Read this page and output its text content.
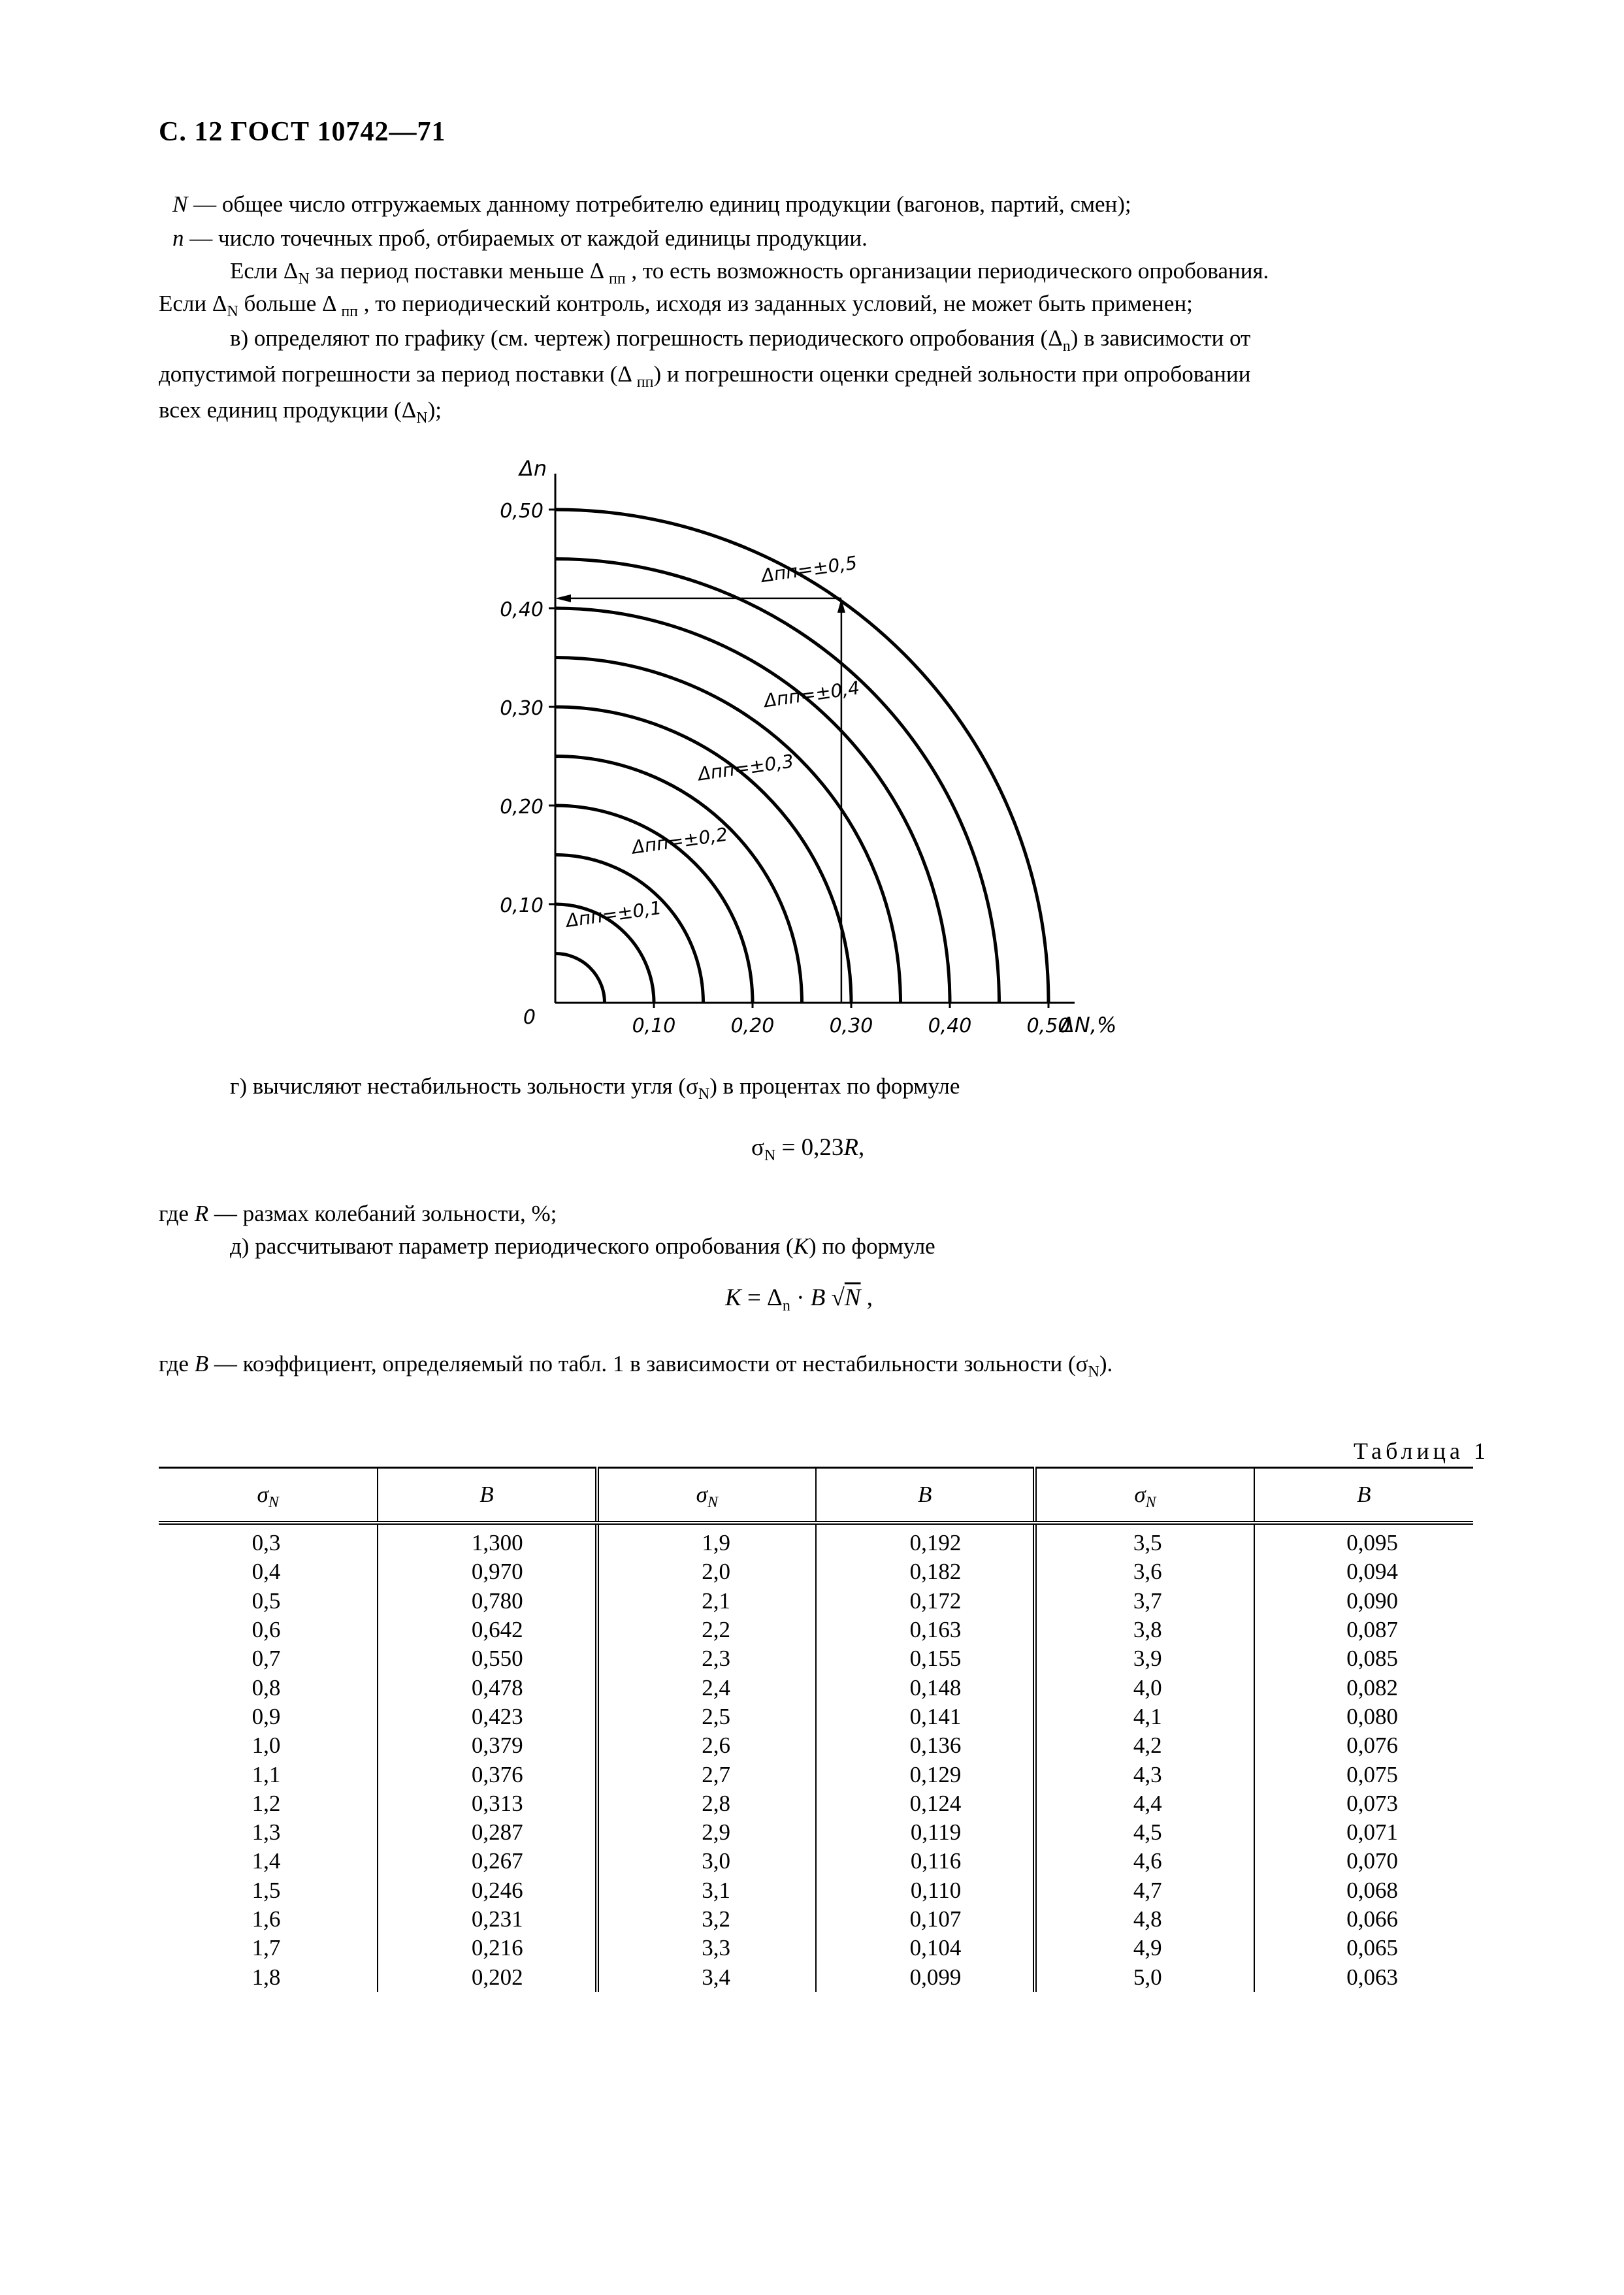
С. 12 ГОСТ 10742—71
N — общее число отгружаемых данному потребителю единиц продукции (вагонов, партий, смен);
n — число точечных проб, отбираемых от каждой единицы продукции.
Если $\Delta_N$ за период поставки меньше Δ $_{пп}$ , то есть возможность организации периодического опробования.
Если $\Delta_N$ больше Δ $_{пп}$ , то периодический контроль, исходя из заданных условий, не может быть применен;
в) определяют по графику (см. чертеж) погрешность периодического опробования $(\Delta_n)$ в зависимости от
допустимой погрешности за период поставки (Δ $_{пп}$) и погрешности оценки средней зольности при опробовании
всех единиц продукции $(\Delta_N)$;
0
0,10
0,20
0,30
0,40
0,50
0,10	0,20	0,30	0,40	0,50
Δпп=±0,1
Δпп=±0,2
Δпп=±0,3
Δпп=±0,4
Δпп=±0,5
Δn
ΔN,%
г) вычисляют нестабильность зольности угля $(\sigma_N)$ в процентах по формуле
$\sigma_N = 0,23R$,
где R — размах колебаний зольности, %;
д) рассчитывают параметр периодического опробования (K) по формуле
$K = \Delta_n \cdot B$ √N ,
где B — коэффициент, определяемый по табл. 1 в зависимости от нестабильности зольности $(\sigma_N)$.
Таблица 1
$\sigma_N$	B	$\sigma_N$	B	$\sigma_N$	B
0,3	1,300	1,9	0,192	3,5	0,095
0,4	0,970	2,0	0,182	3,6	0,094
0,5	0,780	2,1	0,172	3,7	0,090
0,6	0,642	2,2	0,163	3,8	0,087
0,7	0,550	2,3	0,155	3,9	0,085
0,8	0,478	2,4	0,148	4,0	0,082
0,9	0,423	2,5	0,141	4,1	0,080
1,0	0,379	2,6	0,136	4,2	0,076
1,1	0,376	2,7	0,129	4,3	0,075
1,2	0,313	2,8	0,124	4,4	0,073
1,3	0,287	2,9	0,119	4,5	0,071
1,4	0,267	3,0	0,116	4,6	0,070
1,5	0,246	3,1	0,110	4,7	0,068
1,6	0,231	3,2	0,107	4,8	0,066
1,7	0,216	3,3	0,104	4,9	0,065
1,8	0,202	3,4	0,099	5,0	0,063
